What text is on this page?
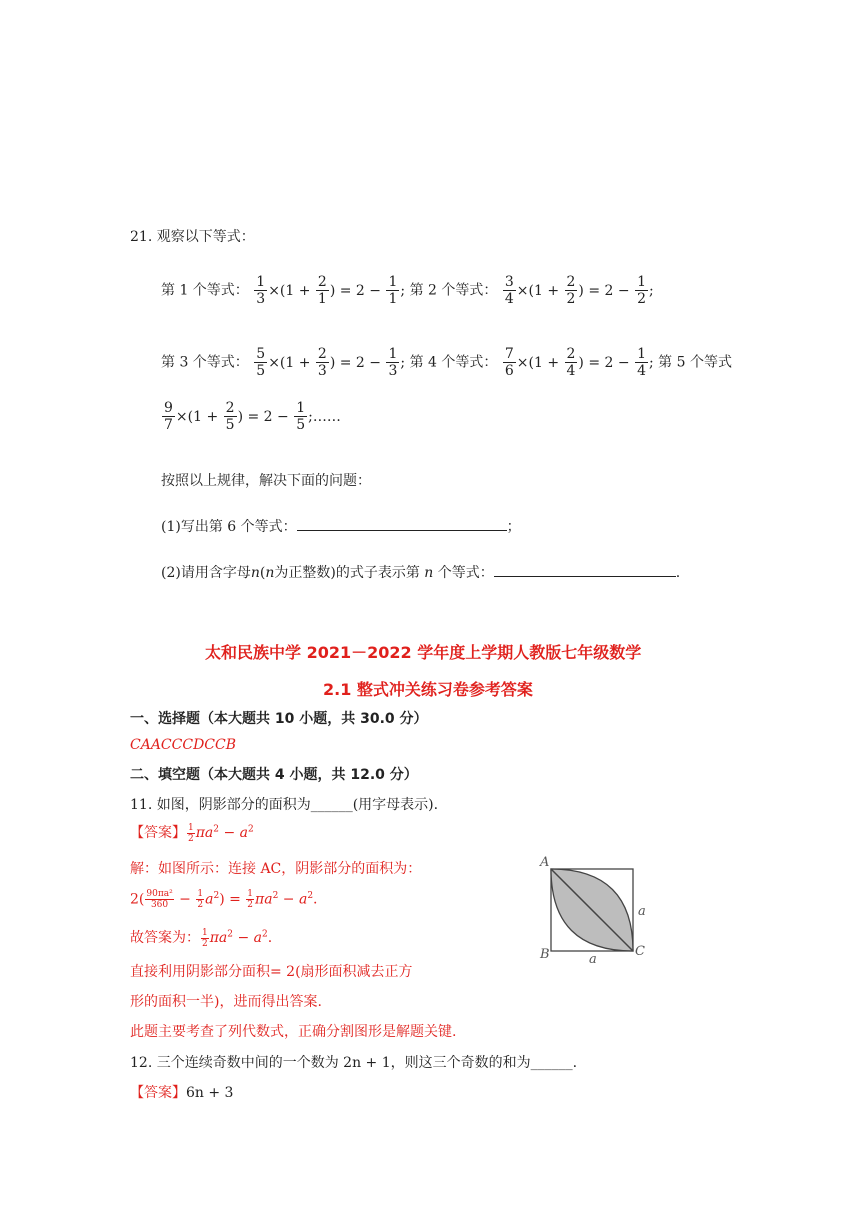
21. 观察以下等式：
第 1 个等式： $\frac{1}{3} \times(1 + \frac{2}{1}$ ) = $2 - \frac{1}{1}$ ; 第 2 个等式： $\frac{3}{4} \times(1 + \frac{2}{2}$ ) = $2 - \frac{1}{2}$ ;
第 3 个等式： $\frac{5}{5} \times(1 + \frac{2}{3}$ ) = $2 - \frac{1}{3}$ ; 第 4 个等式： $\frac{7}{6} \times(1 + \frac{2}{4}$ ) = $2 - \frac{1}{4}$ ; 第 5 个等式
$\frac{9}{7} \times(1 + \frac{2}{5}$ ) = $2 - \frac{1}{5}$ ;……
按照以上规律，解决下面的问题：
(1)写出第 6 个等式：	；
(2)请用含字母n(n为正整数)的式子表示第 n 个等式：	.
太和民族中学 2021－2022 学年度上学期人教版七年级数学
2.1 整式冲关练习卷参考答案
一、选择题（本大题共 10 小题，共 30.0 分）
CAACCCDCCB
二、填空题（本大题共 4 小题，共 12.0 分）
11. 如图，阴影部分的面积为______(用字母表示).
【答案】 $\frac{1}{2} \pi a^2 - a^2$
解：如图所示：连接 AC，阴影部分的面积为：
$2( \frac{\text{90πa²}}{360} - \frac{1}{2} a^2) = \frac{1}{2} \pi a^2 - a^2$.
故答案为： $\frac{1}{2} \pi a^2 - a^2$.
直接利用阴影部分面积= 2(扇形面积减去正方
形的面积一半)，进而得出答案.
此题主要考查了列代数式，正确分割图形是解题关键.
12. 三个连续奇数中间的一个数为 2n + 1，则这三个奇数的和为______.
【答案】6n + 3
A
B	C
a
a
